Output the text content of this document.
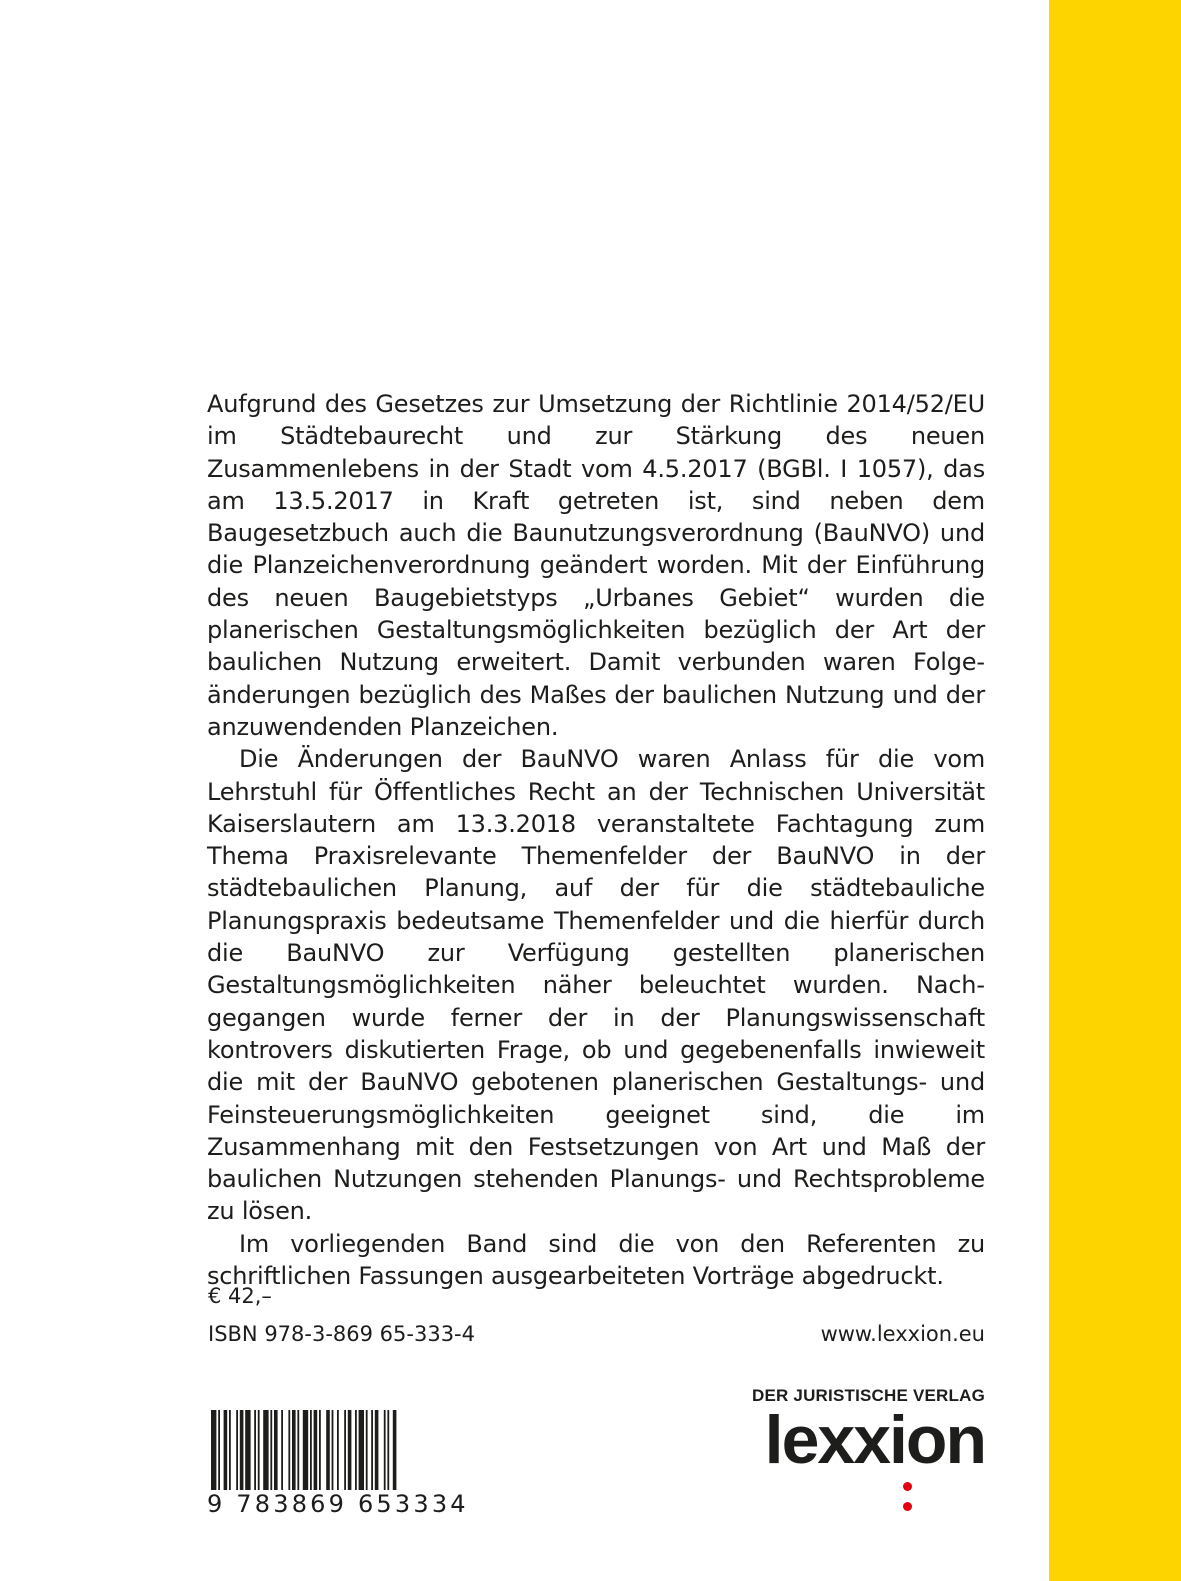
Aufgrund des Gesetzes zur Umsetzung der Richtlinie 2014/52/EU im Städtebaurecht und zur Stärkung des neuen Zusammenlebens in der Stadt vom 4.5.2017 (BGBl. I 1057), das am 13.5.2017 in Kraft getreten ist, sind neben dem Baugesetzbuch auch die Baunutzungsverordnung (BauNVO) und die Planzeichenverordnung geändert worden. Mit der Einführung des neuen Baugebietstyps „Urbanes Gebiet“ wurden die planerischen Gestaltungsmöglichkeiten bezüglich der Art der baulichen Nutzung erweitert. Damit verbunden waren Folgeänderungen bezüglich des Maßes der baulichen Nutzung und der anzuwendenden Planzeichen.

Die Änderungen der BauNVO waren Anlass für die vom Lehrstuhl für Öffentliches Recht an der Technischen Universität Kaiserslautern am 13.3.2018 veranstaltete Fachtagung zum Thema Praxisrelevante Themenfelder der BauNVO in der städtebaulichen Planung, auf der für die städtebauliche Planungspraxis bedeutsame Themenfelder und die hierfür durch die BauNVO zur Verfügung gestellten planerischen Gestaltungsmöglichkeiten näher beleuchtet wurden. Nachgegangen wurde ferner der in der Planungswissenschaft kontrovers diskutierten Frage, ob und gegebenenfalls inwieweit die mit der BauNVO gebotenen planerischen Gestaltungs- und Feinsteuerungsmöglichkeiten geeignet sind, die im Zusammenhang mit den Festsetzungen von Art und Maß der baulichen Nutzungen stehenden Planungs- und Rechtsprobleme zu lösen.

Im vorliegenden Band sind die von den Referenten zu schriftlichen Fassungen ausgearbeiteten Vorträge abgedruckt.

€ 42,–
ISBN 978-3-869 65-333-4	www.lexxion.eu
9 783869 653334
DER JURISTISCHE VERLAG
lexxion
